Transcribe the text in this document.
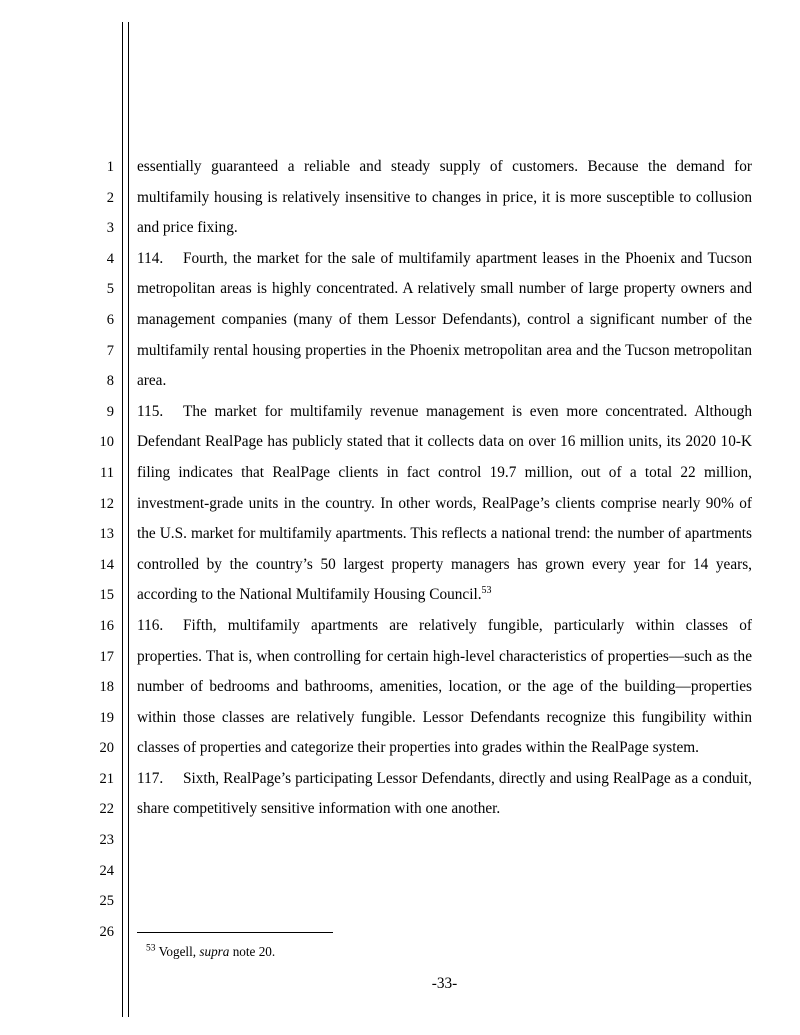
1
2
3
4
5
6
7
8
9
10
11
12
13
14
15
16
17
18
19
20
21
22
23
24
25
26

essentially guaranteed a reliable and steady supply of customers. Because the demand for multifamily housing is relatively insensitive to changes in price, it is more susceptible to collusion and price fixing.

114. Fourth, the market for the sale of multifamily apartment leases in the Phoenix and Tucson metropolitan areas is highly concentrated. A relatively small number of large property owners and management companies (many of them Lessor Defendants), control a significant number of the multifamily rental housing properties in the Phoenix metropolitan area and the Tucson metropolitan area.

115. The market for multifamily revenue management is even more concentrated. Although Defendant RealPage has publicly stated that it collects data on over 16 million units, its 2020 10-K filing indicates that RealPage clients in fact control 19.7 million, out of a total 22 million, investment-grade units in the country. In other words, RealPage’s clients comprise nearly 90% of the U.S. market for multifamily apartments. This reflects a national trend: the number of apartments controlled by the country’s 50 largest property managers has grown every year for 14 years, according to the National Multifamily Housing Council.$^{53}$

116. Fifth, multifamily apartments are relatively fungible, particularly within classes of properties. That is, when controlling for certain high-level characteristics of properties—such as the number of bedrooms and bathrooms, amenities, location, or the age of the building—properties within those classes are relatively fungible. Lessor Defendants recognize this fungibility within classes of properties and categorize their properties into grades within the RealPage system.

117. Sixth, RealPage’s participating Lessor Defendants, directly and using RealPage as a conduit, share competitively sensitive information with one another.

$^{53}$ Vogell, supra note 20.
-33-
